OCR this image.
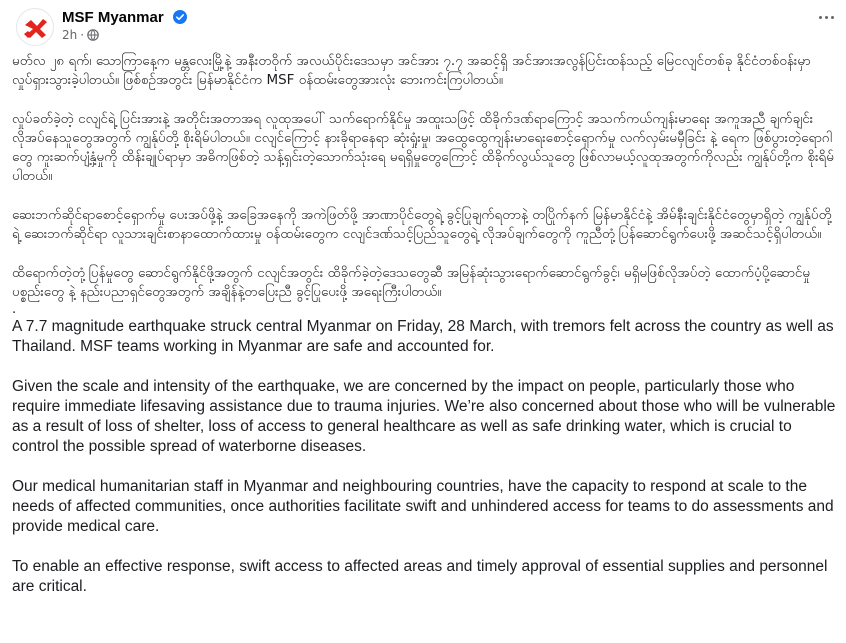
MSF Myanmar
2h ·

မတ်လ ၂၈ ရက်၊ သောကြာနေ့က မန္တလေးမြို့နဲ့ အနီးတဝိုက် အလယ်ပိုင်းဒေသမှာ အင်အား ၇.၇ အဆင့်ရှိ အင်အားအလွန်ပြင်းထန်သည့် မြေငလျင်တစ်ခု နိုင်ငံတစ်ဝန်းမှာ လှုပ်ရှားသွားခဲ့ပါတယ်။ ဖြစ်စဉ်အတွင်း မြန်မာနိုင်ငံက MSF ဝန်ထမ်းတွေအားလုံး ဘေးကင်းကြပါတယ်။

လှုပ်ခတ်ခဲ့တဲ့ ငလျင်ရဲ့ ပြင်းအားနဲ့ အတိုင်းအတာအရ လူထုအပေါ် သက်ရောက်နိုင်မှု အထူးသဖြင့် ထိခိုက်ဒဏ်ရာကြောင့် အသက်ကယ်ကျန်းမာရေး အကူအညီ ချက်ချင်းလိုအပ်နေသူတွေအတွက် ကျွန်ုပ်တို့ စိုးရိမ်ပါတယ်။ ငလျင်ကြောင့် နားခိုရာနေရာ ဆုံးရှုံးမှု၊ အထွေထွေကျန်းမာရေးစောင့်ရှောက်မှု လက်လှမ်းမမှီခြင်း နဲ့ ရေက ဖြစ်ပွားတဲ့ရောဂါတွေ ကူးဆက်ပျံ့နှံ့မှုကို ထိန်းချုပ်ရာမှာ အဓိကဖြစ်တဲ့ သန့်ရှင်းတဲ့သောက်သုံးရေ မရရှိမှုတွေကြောင့် ထိခိုက်လွယ်သူတွေ ဖြစ်လာမယ့်လူထုအတွက်ကိုလည်း ကျွန်ုပ်တို့က စိုးရိမ်ပါတယ်။

ဆေးဘက်ဆိုင်ရာစောင့်ရှောက်မှု ပေးအပ်ဖို့နဲ့ အခြေအနေကို အကဲဖြတ်ဖို့ အာဏာပိုင်တွေရဲ့ ခွင့်ပြုချက်ရတာနဲ့ တပြိုက်နက် မြန်မာနိုင်ငံနဲ့ အိမ်နီးချင်းနိုင်ငံတွေမှာရှိတဲ့ ကျွန်ုပ်တို့ရဲ့ ဆေးဘက်ဆိုင်ရာ လူသားချင်းစာနာထောက်ထားမှု ဝန်ထမ်းတွေက ငလျင်ဒဏ်သင့်ပြည်သူတွေရဲ့ လိုအပ်ချက်တွေကို ကူညီတုံ့ပြန်ဆောင်ရွက်ပေးဖို့ အဆင်သင့်ရှိပါတယ်။

ထိရောက်တဲ့တုံ့ပြန်မှုတွေ ဆောင်ရွက်နိုင်ဖို့အတွက် ငလျင်အတွင်း ထိခိုက်ခဲ့တဲ့ဒေသတွေဆီ အမြန်ဆုံးသွားရောက်ဆောင်ရွက်ခွင့်၊ မရှိမဖြစ်လိုအပ်တဲ့ ထောက်ပံ့ပို့ဆောင်မှုပစ္စည်းတွေ နဲ့ နည်းပညာရှင်တွေအတွက် အချိန်နဲ့တပြေးညီ ခွင့်ပြုပေးဖို့ အရေးကြီးပါတယ်။

.

A 7.7 magnitude earthquake struck central Myanmar on Friday, 28 March, with tremors felt across the country as well as Thailand. MSF teams working in Myanmar are safe and accounted for.

Given the scale and intensity of the earthquake, we are concerned by the impact on people, particularly those who require immediate lifesaving assistance due to trauma injuries. We’re also concerned about those who will be vulnerable as a result of loss of shelter, loss of access to general healthcare as well as safe drinking water, which is crucial to control the possible spread of waterborne diseases.

Our medical humanitarian staff in Myanmar and neighbouring countries, have the capacity to respond at scale to the needs of affected communities, once authorities facilitate swift and unhindered access for teams to do assessments and provide medical care.

To enable an effective response, swift access to affected areas and timely approval of essential supplies and personnel are critical.
